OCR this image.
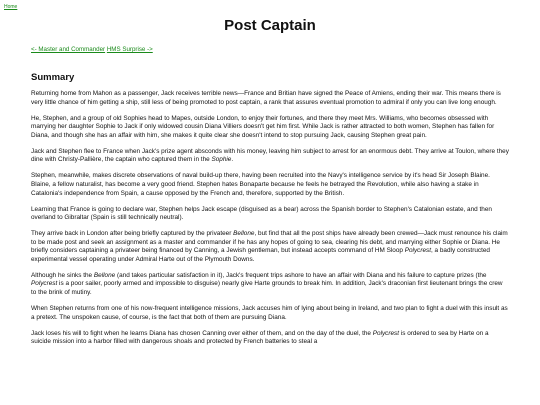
Home
Post Captain
<- Master and Commander HMS Surprise ->
Summary

Returning home from Mahon as a passenger, Jack receives terrible news—France and Britian have signed the Peace of Amiens, ending their war. This means there is very little chance of him getting a ship, still less of being promoted to post captain, a rank that assures eventual promotion to admiral if only you can live long enough.

He, Stephen, and a group of old Sophies head to Mapes, outside London, to enjoy their fortunes, and there they meet Mrs. Williams, who becomes obsessed with marrying her daughter Sophie to Jack if only widowed cousin Diana Villiers doesn't get him first. While Jack is rather attracted to both women, Stephen has fallen for Diana, and though she has an affair with him, she makes it quite clear she doesn't intend to stop pursuing Jack, causing Stephen great pain.

Jack and Stephen flee to France when Jack's prize agent absconds with his money, leaving him subject to arrest for an enormous debt. They arrive at Toulon, where they dine with Christy-Pallière, the captain who captured them in the Sophie.

Stephen, meanwhile, makes discrete observations of naval build-up there, having been recruited into the Navy's intelligence service by it's head Sir Joseph Blaine. Blaine, a fellow naturalist, has become a very good friend. Stephen hates Bonaparte because he feels he betrayed the Revolution, while also having a stake in Catalonia's independence from Spain, a cause opposed by the French and, therefore, supported by the British.

Learning that France is going to declare war, Stephen helps Jack escape (disguised as a bear) across the Spanish border to Stephen's Catalonian estate, and then overland to Gibraltar (Spain is still technically neutral).

They arrive back in London after being briefly captured by the privateer Bellone, but find that all the post ships have already been crewed—Jack must renounce his claim to be made post and seek an assignment as a master and commander if he has any hopes of going to sea, clearing his debt, and marrying either Sophie or Diana. He briefly considers captaining a privateer being financed by Canning, a Jewish gentleman, but instead accepts command of HM Sloop Polycrest, a badly constructed experimental vessel operating under Admiral Harte out of the Plymouth Downs.

Although he sinks the Bellone (and takes particular satisfaction in it), Jack's frequent trips ashore to have an affair with Diana and his failure to capture prizes (the Polycrest is a poor sailer, poorly armed and impossible to disguise) nearly give Harte grounds to break him. In addition, Jack's draconian first lieutenant brings the crew to the brink of mutiny.

When Stephen returns from one of his now-frequent intelligence missions, Jack accuses him of lying about being in Ireland, and two plan to fight a duel with this insult as a pretext. The unspoken cause, of course, is the fact that both of them are pursuing Diana.

Jack loses his will to fight when he learns Diana has chosen Canning over either of them, and on the day of the duel, the Polycrest is ordered to sea by Harte on a suicide mission into a harbor filled with dangerous shoals and protected by French batteries to steal a
